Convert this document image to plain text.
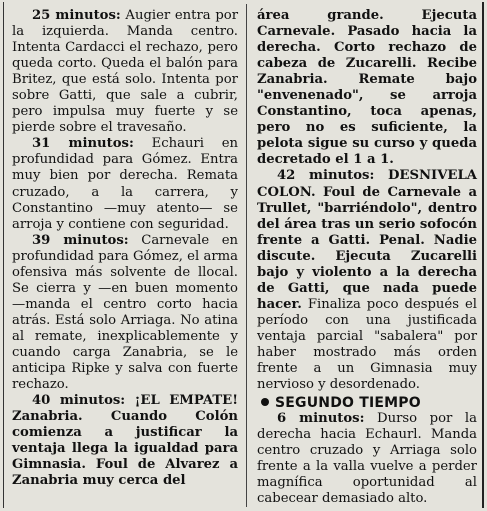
25 minutos: Augier entra por la izquierda. Manda centro. Intenta Cardacci el rechazo, pero queda corto. Queda el balón para Britez, que está solo. Intenta por sobre Gatti, que sale a cubrir, pero impulsa muy fuerte y se pierde sobre el travesaño.

31 minutos: Echauri en profundidad para Gómez. Entra muy bien por derecha. Remata cruzado, a la carrera, y Constantino —muy atento— se arroja y contiene con seguridad.

39 minutos: Carnevale en profundidad para Gómez, el arma ofensiva más solvente de llocal. Se cierra y —en buen momento —manda el centro corto hacia atrás. Está solo Arriaga. No atina al remate, inexplicablemente y cuando carga Zanabria, se le anticipa Ripke y salva con fuerte rechazo.

40 minutos: ¡EL EMPATE! Zanabria. Cuando Colón comienza a justificar la ventaja llega la igualdad para Gimnasia. Foul de Alvarez a Zanabria muy cerca del

área grande. Ejecuta Carnevale. Pasado hacia la derecha. Corto rechazo de cabeza de Zucarelli. Recibe Zanabria. Remate bajo "envenenado", se arroja Constantino, toca apenas, pero no es suficiente, la pelota sigue su curso y queda decretado el 1 a 1.

42 minutos: DESNIVELA COLON. Foul de Carnevale a Trullet, "barriéndolo", dentro del área tras un serio sofocón frente a Gatti. Penal. Nadie discute. Ejecuta Zucarelli bajo y violento a la derecha de Gatti, que nada puede hacer. Finaliza poco después el período con una justificada ventaja parcial "sabalera" por haber mostrado más orden frente a un Gimnasia muy nervioso y desordenado.

SEGUNDO TIEMPO

6 minutos: Durso por la derecha hacia Echaurl. Manda centro cruzado y Arriaga solo frente a la valla vuelve a perder magnífica oportunidad al cabecear demasiado alto.
